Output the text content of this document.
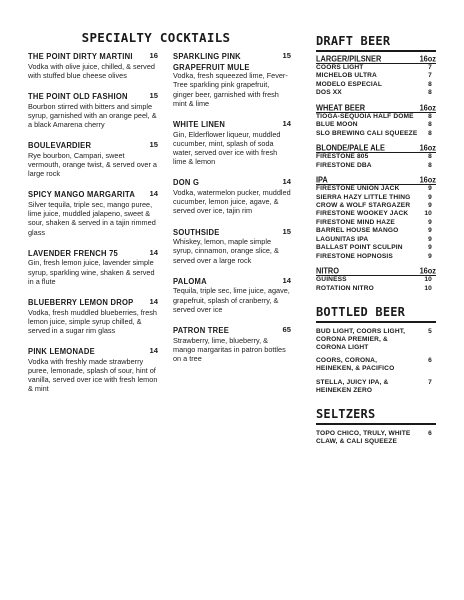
SPECIALTY COCKTAILS
THE POINT DIRTY MARTINI	16
Vodka with olive juice, chilled, & served with stuffed blue cheese olives
THE POINT OLD FASHION	15
Bourbon stirred with bitters and simple syrup, garnished with an orange peel, & a black Amarena cherry
BOULEVARDIER	15
Rye bourbon, Campari, sweet vermouth, orange twist, & served over a large rock
SPICY MANGO MARGARITA	14
Silver tequila, triple sec, mango puree, lime juice, muddled jalapeno, sweet & sour, shaken & served in a tajin rimmed glass
LAVENDER FRENCH 75	14
Gin, fresh lemon juice, lavender simple syrup, sparkling wine, shaken & served in a flute
BLUEBERRY LEMON DROP	14
Vodka, fresh muddled blueberries, fresh lemon juice, simple syrup chilled, & served in a sugar rim glass
PINK LEMONADE	14
Vodka with freshly made strawberry puree, lemonade, splash of sour, hint of vanilla, served over ice with fresh lemon & mint
SPARKLING PINK GRAPEFRUIT MULE
15
Vodka, fresh squeezed lime, Fever-Tree sparkling pink grapefruit, ginger beer, garnished with fresh mint & lime
WHITE LINEN	14
Gin, Elderflower liqueur, muddled cucumber, mint, splash of soda water, served over ice with fresh lime & lemon
DON G	14
Vodka, watermelon pucker, muddled cucumber, lemon juice, agave, & served over ice, tajin rim
SOUTHSIDE	15
Whiskey, lemon, maple simple syrup, cinnamon, orange slice, & served over a large rock
PALOMA	14
Tequila, triple sec, lime juice, agave, grapefruit, splash of cranberry, & served over ice
PATRON TREE	65
Strawberry, lime, blueberry, & mango margaritas in patron bottles on a tree
DRAFT BEER
LARGER/PILSNER	16oz
COORS LIGHT	7
MICHELOB ULTRA	7
MODELO ESPECIAL	8
DOS XX	8
WHEAT BEER	16oz
TIOGA-SEQUOIA HALF DOME 8
BLUE MOON	8
SLO BREWING CALI SQUEEZE 8
BLONDE/PALE ALE	16oz
FIRESTONE 805	8
FIRESTONE DBA	8
IPA	16oz
FIRESTONE UNION JACK	9
SIERRA HAZY LITTLE THING	9
CROW & WOLF STARGAZER	9
FIRESTONE WOOKEY JACK 10
FIRESTONE MIND HAZE	9
BARREL HOUSE MANGO	9
LAGUNITAS IPA	9
BALLAST POINT SCULPIN	9
FIRESTONE HOPNOSIS	9
NITRO	16oz
GUINESS	10
ROTATION NITRO	10
BOTTLED BEER
BUD LIGHT, COORS LIGHT, CORONA PREMIER, & CORONA LIGHT
5
COORS, CORONA, HEINEKEN, & PACIFICO
6
STELLA, JUICY IPA, & HEINEKEN ZERO
7
SELTZERS
TOPO CHICO, TRULY, WHITE CLAW, & CALI SQUEEZE
6
